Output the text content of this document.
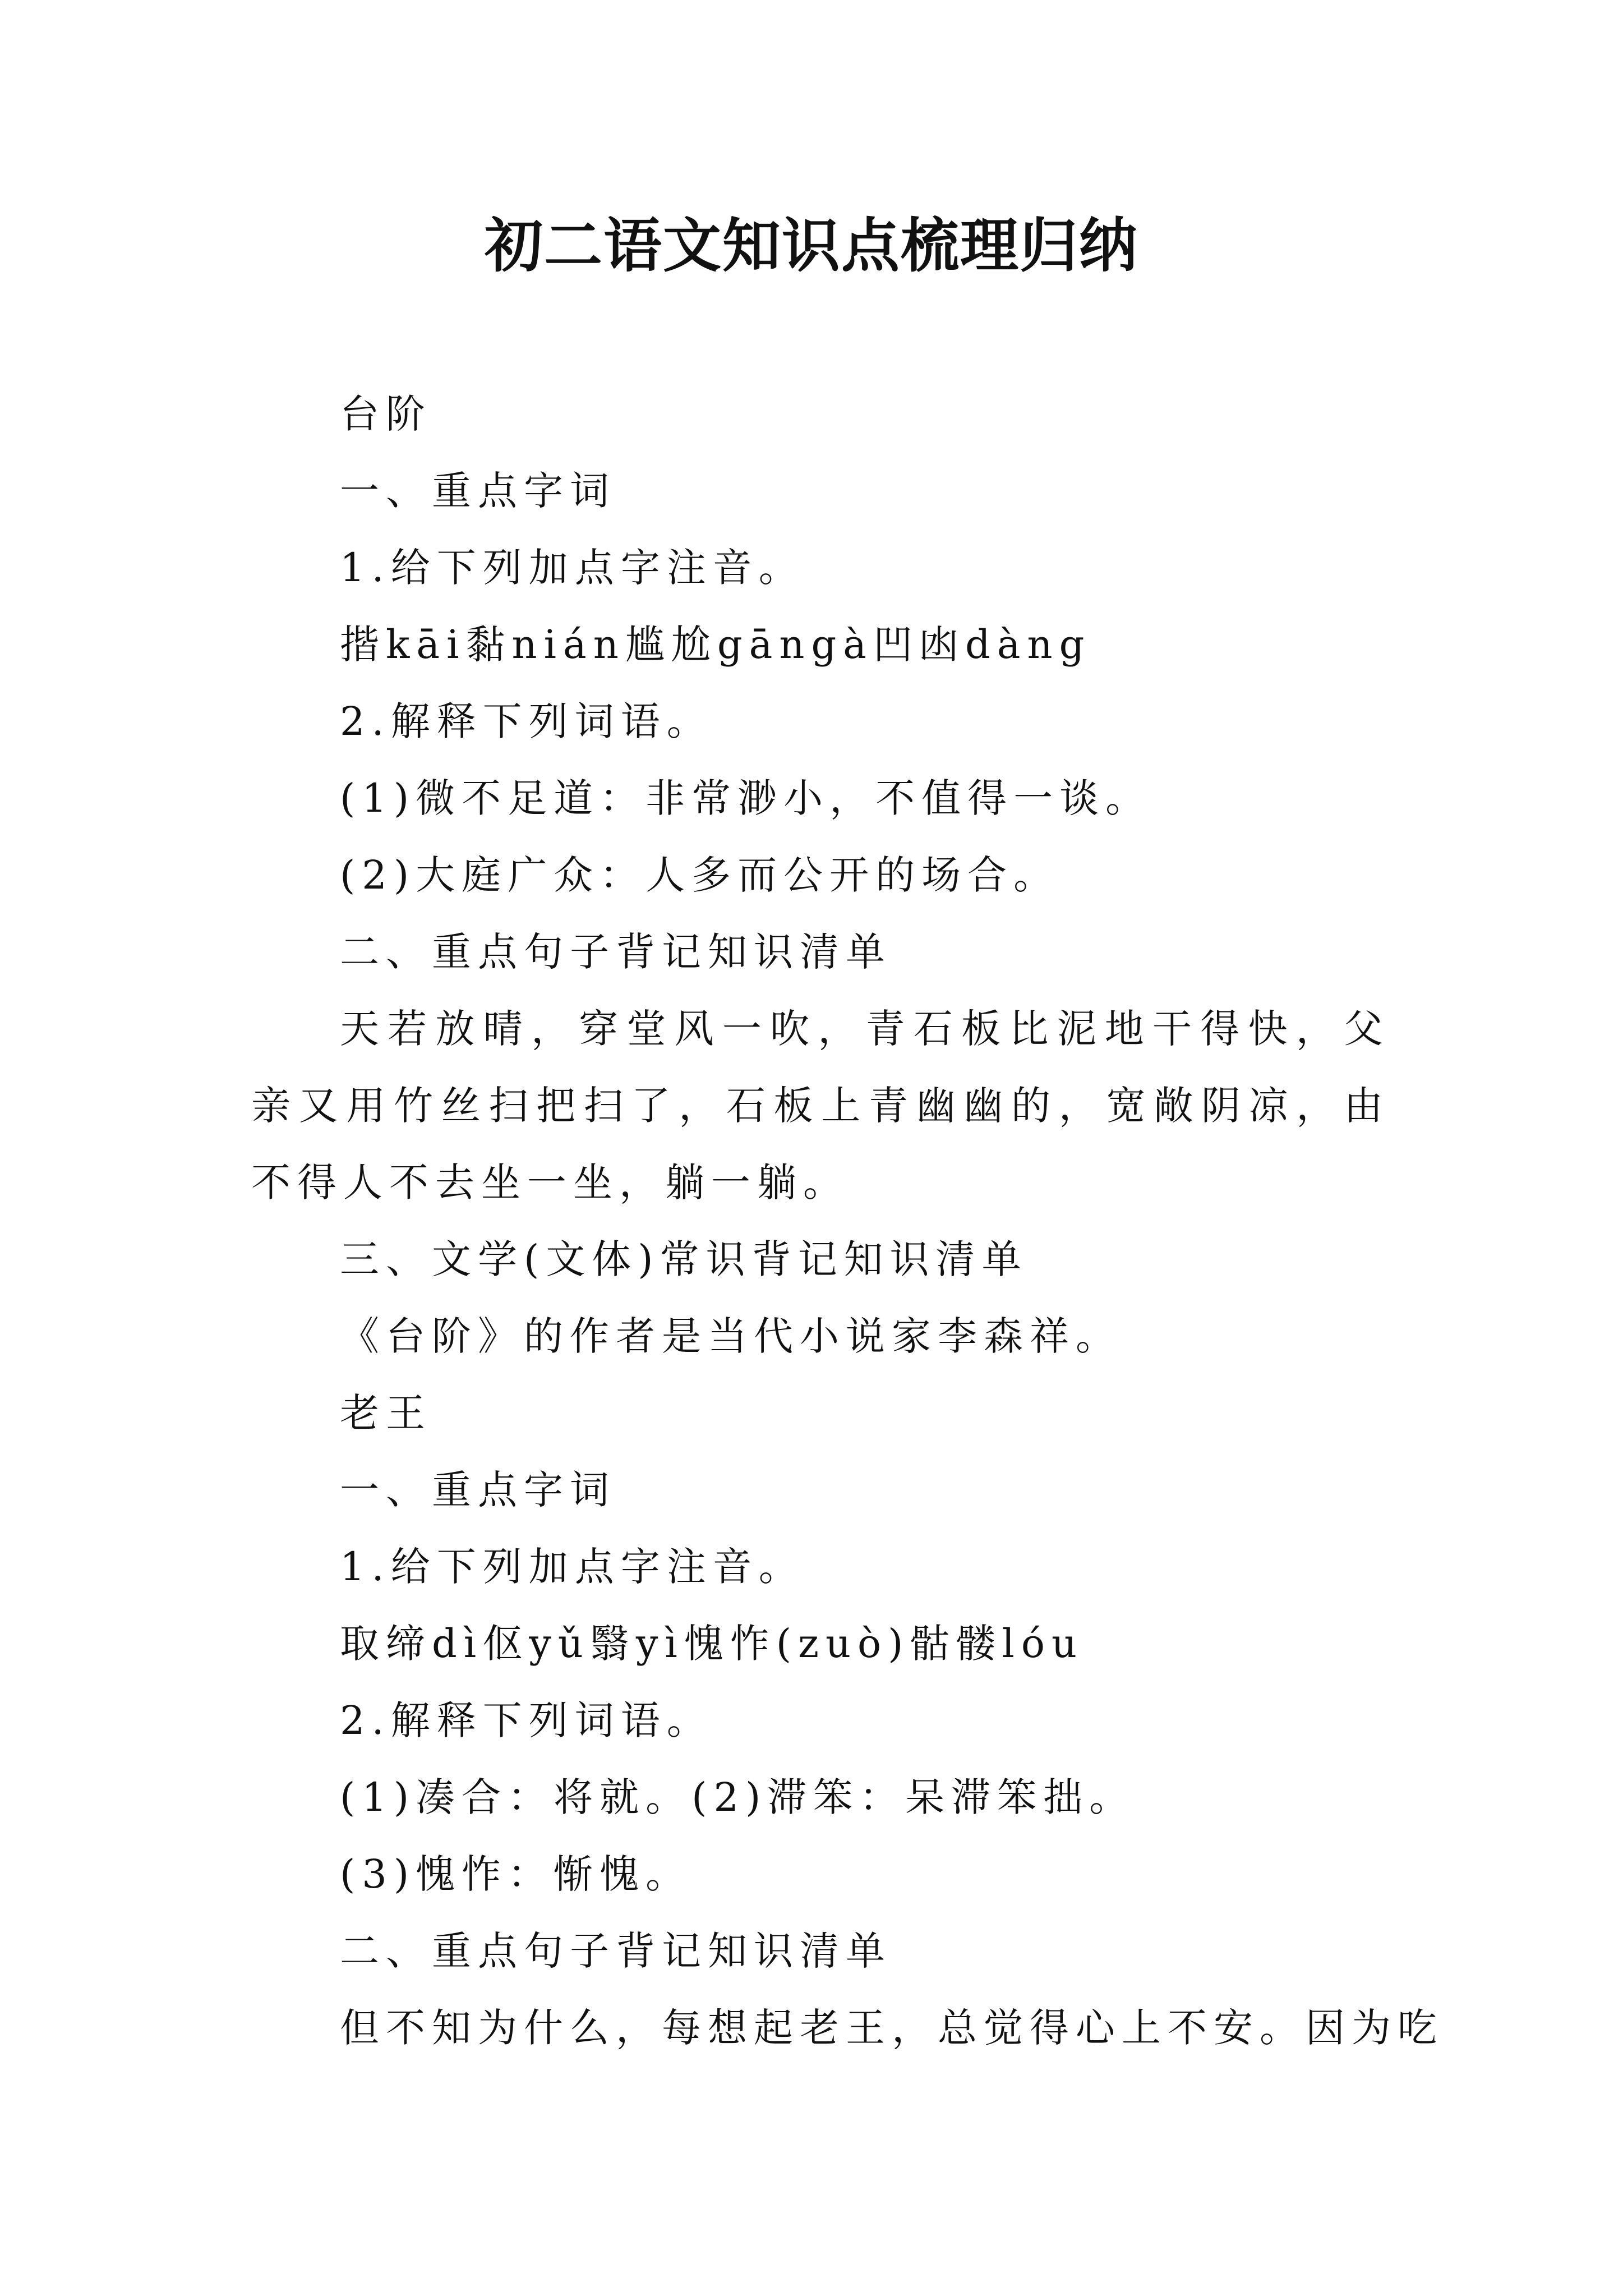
初二语文知识点梳理归纳

台阶

一、重点字词

1.给下列加点字注音。

揩kāi黏nián尴尬gāngà凹凼dàng

2.解释下列词语。

(1)微不足道：非常渺小，不值得一谈。

(2)大庭广众：人多而公开的场合。

二、重点句子背记知识清单

天若放晴，穿堂风一吹，青石板比泥地干得快，父亲又用竹丝扫把扫了，石板上青幽幽的，宽敞阴凉，由不得人不去坐一坐，躺一躺。

三、文学(文体)常识背记知识清单

《台阶》的作者是当代小说家李森祥。

老王

一、重点字词

1.给下列加点字注音。

取缔dì伛yǔ翳yì愧怍(zuò)骷髅lóu

2.解释下列词语。

(1)凑合：将就。(2)滞笨：呆滞笨拙。

(3)愧怍：惭愧。

二、重点句子背记知识清单

但不知为什么，每想起老王，总觉得心上不安。因为吃
